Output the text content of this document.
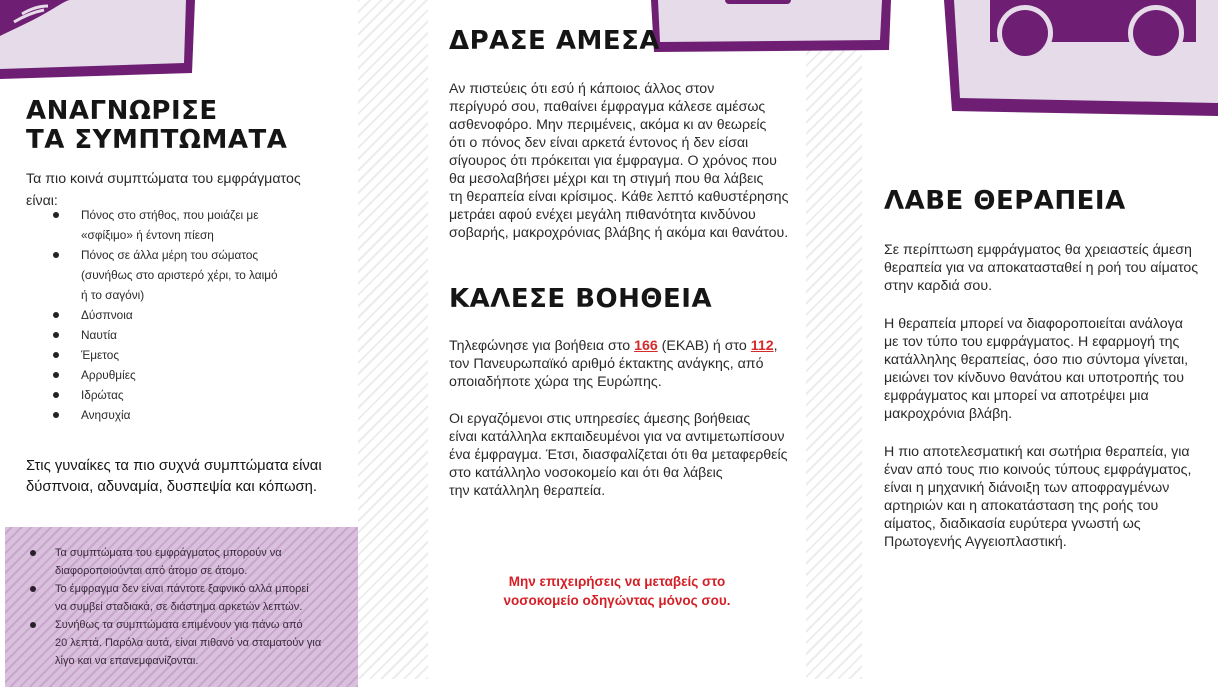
ΑΝΑΓΝΩΡΙΣΕ
ΤΑ ΣΥΜΠΤΩΜΑΤΑ
Τα πιο κοινά συμπτώματα του εμφράγματος
είναι:
Πόνος στο στήθος, που μοιάζει με
«σφίξιμο» ή έντονη πίεση
Πόνος σε άλλα μέρη του σώματος
(συνήθως στο αριστερό χέρι, το λαιμό
ή το σαγόνι)
Δύσπνοια
Ναυτία
Έμετος
Αρρυθμίες
Ιδρώτας
Ανησυχία

Στις γυναίκες τα πιο συχνά συμπτώματα είναι
δύσπνοια, αδυναμία, δυσπεψία και κόπωση.

Τα συμπτώματα του εμφράγματος μπορούν να
διαφοροποιούνται από άτομο σε άτομο.
Το έμφραγμα δεν είναι πάντοτε ξαφνικό αλλά μπορεί
να συμβεί σταδιακά, σε διάστημα αρκετών λεπτών.
Συνήθως τα συμπτώματα επιμένουν για πάνω από
20 λεπτά. Παρόλα αυτά, είναι πιθανό να σταματούν για
λίγο και να επανεμφανίζονται.
ΔΡΑΣΕ ΑΜΕΣΑ

Αν πιστεύεις ότι εσύ ή κάποιος άλλος στον
περίγυρό σου, παθαίνει έμφραγμα κάλεσε αμέσως
ασθενοφόρο. Μην περιμένεις, ακόμα κι αν θεωρείς
ότι ο πόνος δεν είναι αρκετά έντονος ή δεν είσαι
σίγουρος ότι πρόκειται για έμφραγμα. Ο χρόνος που
θα μεσολαβήσει μέχρι και τη στιγμή που θα λάβεις
τη θεραπεία είναι κρίσιμος. Κάθε λεπτό καθυστέρησης
μετράει αφού ενέχει μεγάλη πιθανότητα κινδύνου
σοβαρής, μακροχρόνιας βλάβης ή ακόμα και θανάτου.

ΚΑΛΕΣΕ ΒΟΗΘΕΙΑ

Τηλεφώνησε για βοήθεια στο 166 (ΕΚΑΒ) ή στο 112,
τον Πανευρωπαϊκό αριθμό έκτακτης ανάγκης, από
οποιαδήποτε χώρα της Ευρώπης.

Οι εργαζόμενοι στις υπηρεσίες άμεσης βοήθειας
είναι κατάλληλα εκπαιδευμένοι για να αντιμετωπίσουν
ένα έμφραγμα. Έτσι, διασφαλίζεται ότι θα μεταφερθείς
στο κατάλληλο νοσοκομείο και ότι θα λάβεις
την κατάλληλη θεραπεία.

Μην επιχειρήσεις να μεταβείς στο
νοσοκομείο οδηγώντας μόνος σου.

ΛΑΒΕ ΘΕΡΑΠΕΙΑ

Σε περίπτωση εμφράγματος θα χρειαστείς άμεση
θεραπεία για να αποκατασταθεί η ροή του αίματος
στην καρδιά σου.

Η θεραπεία μπορεί να διαφοροποιείται ανάλογα
με τον τύπο του εμφράγματος. Η εφαρμογή της
κατάλληλης θεραπείας, όσο πιο σύντομα γίνεται,
μειώνει τον κίνδυνο θανάτου και υποτροπής του
εμφράγματος και μπορεί να αποτρέψει μια
μακροχρόνια βλάβη.

Η πιο αποτελεσματική και σωτήρια θεραπεία, για
έναν από τους πιο κοινούς τύπους εμφράγματος,
είναι η μηχανική διάνοιξη των αποφραγμένων
αρτηριών και η αποκατάσταση της ροής του
αίματος, διαδικασία ευρύτερα γνωστή ως
Πρωτογενής Αγγειοπλαστική.
